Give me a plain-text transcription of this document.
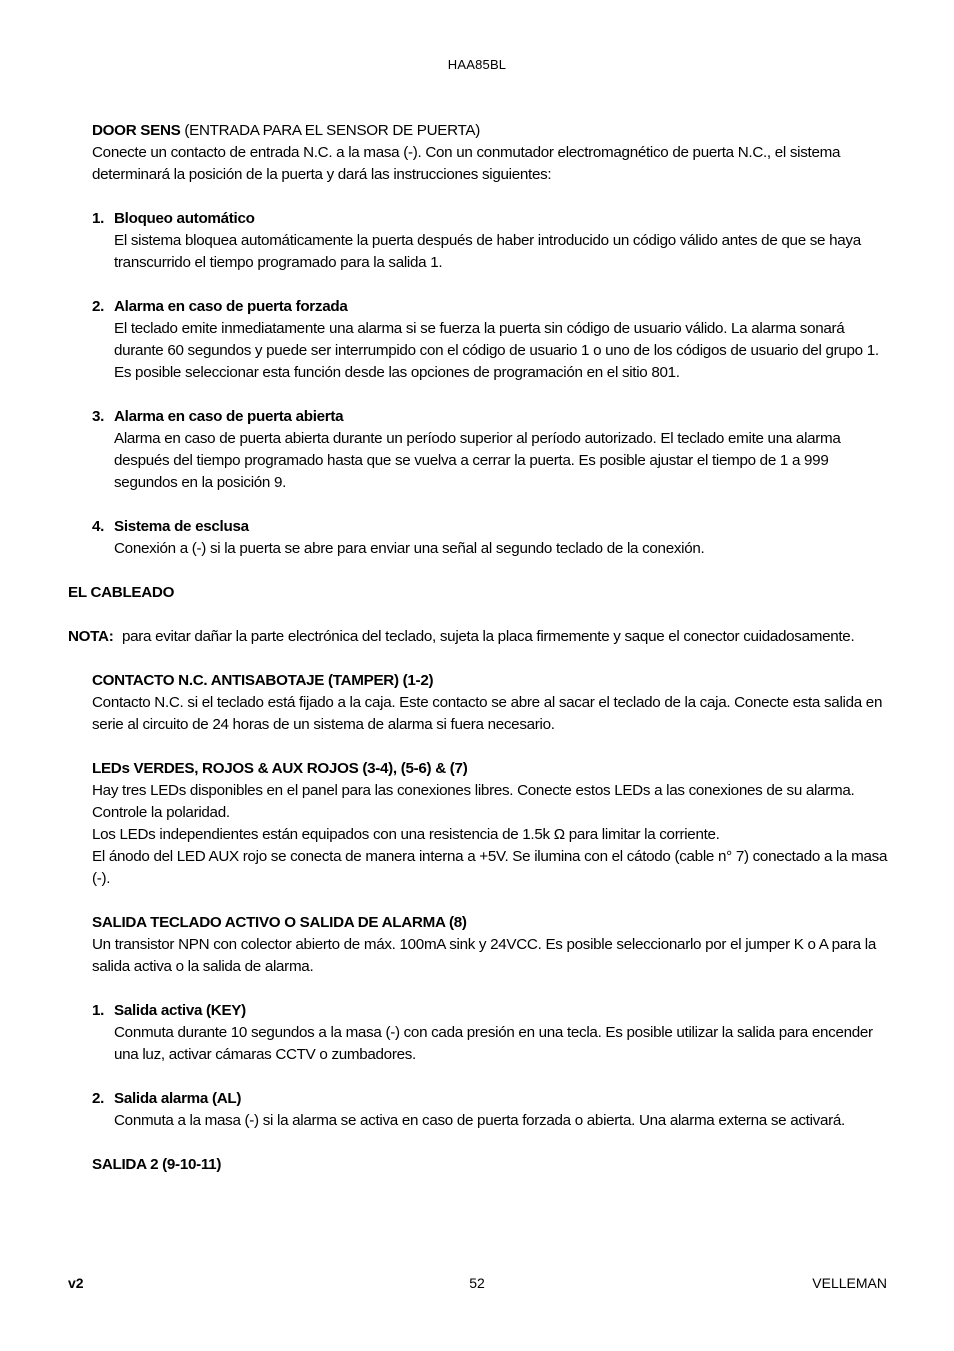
HAA85BL

DOOR SENS (ENTRADA PARA EL SENSOR DE PUERTA)

Conecte un contacto de entrada N.C. a la masa (-). Con un conmutador electromagnético de puerta N.C., el sistema determinará la posición de la puerta y dará las instrucciones siguientes:

1. Bloqueo automático

El sistema bloquea automáticamente la puerta después de haber introducido un código válido antes de que se haya transcurrido el tiempo programado para la salida 1.

2. Alarma en caso de puerta forzada

El teclado emite inmediatamente una alarma si se fuerza la puerta sin código de usuario válido. La alarma sonará durante 60 segundos y puede ser interrumpido con el código de usuario 1 o uno de los códigos de usuario del grupo 1. Es posible seleccionar esta función desde las opciones de programación en el sitio 801.

3. Alarma en caso de puerta abierta

Alarma en caso de puerta abierta durante un período superior al período autorizado. El teclado emite una alarma después del tiempo programado hasta que se vuelva a cerrar la puerta. Es posible ajustar el tiempo de 1 a 999 segundos en la posición 9.

4. Sistema de esclusa

Conexión a (-) si la puerta se abre para enviar una señal al segundo teclado de la conexión.

EL CABLEADO

NOTA: para evitar dañar la parte electrónica del teclado, sujeta la placa firmemente y saque el conector cuidadosamente.

CONTACTO N.C. ANTISABOTAJE (TAMPER) (1-2)

Contacto N.C. si el teclado está fijado a la caja. Este contacto se abre al sacar el teclado de la caja. Conecte esta salida en serie al circuito de 24 horas de un sistema de alarma si fuera necesario.

LEDs VERDES, ROJOS & AUX ROJOS (3-4), (5-6) & (7)

Hay tres LEDs disponibles en el panel para las conexiones libres. Conecte estos LEDs a las conexiones de su alarma. Controle la polaridad.

Los LEDs independientes están equipados con una resistencia de 1.5k Ω para limitar la corriente.

El ánodo del LED AUX rojo se conecta de manera interna a +5V. Se ilumina con el cátodo (cable n° 7) conectado a la masa (-).

SALIDA TECLADO ACTIVO O SALIDA DE ALARMA (8)

Un transistor NPN con colector abierto de máx. 100mA sink y 24VCC. Es posible seleccionarlo por el jumper K o A para la salida activa o la salida de alarma.

1. Salida activa (KEY)

Conmuta durante 10 segundos a la masa (-) con cada presión en una tecla. Es posible utilizar la salida para encender una luz, activar cámaras CCTV o zumbadores.

2. Salida alarma (AL)

Conmuta a la masa (-) si la alarma se activa en caso de puerta forzada o abierta. Una alarma externa se activará.

SALIDA 2 (9-10-11)

v2	52	VELLEMAN
